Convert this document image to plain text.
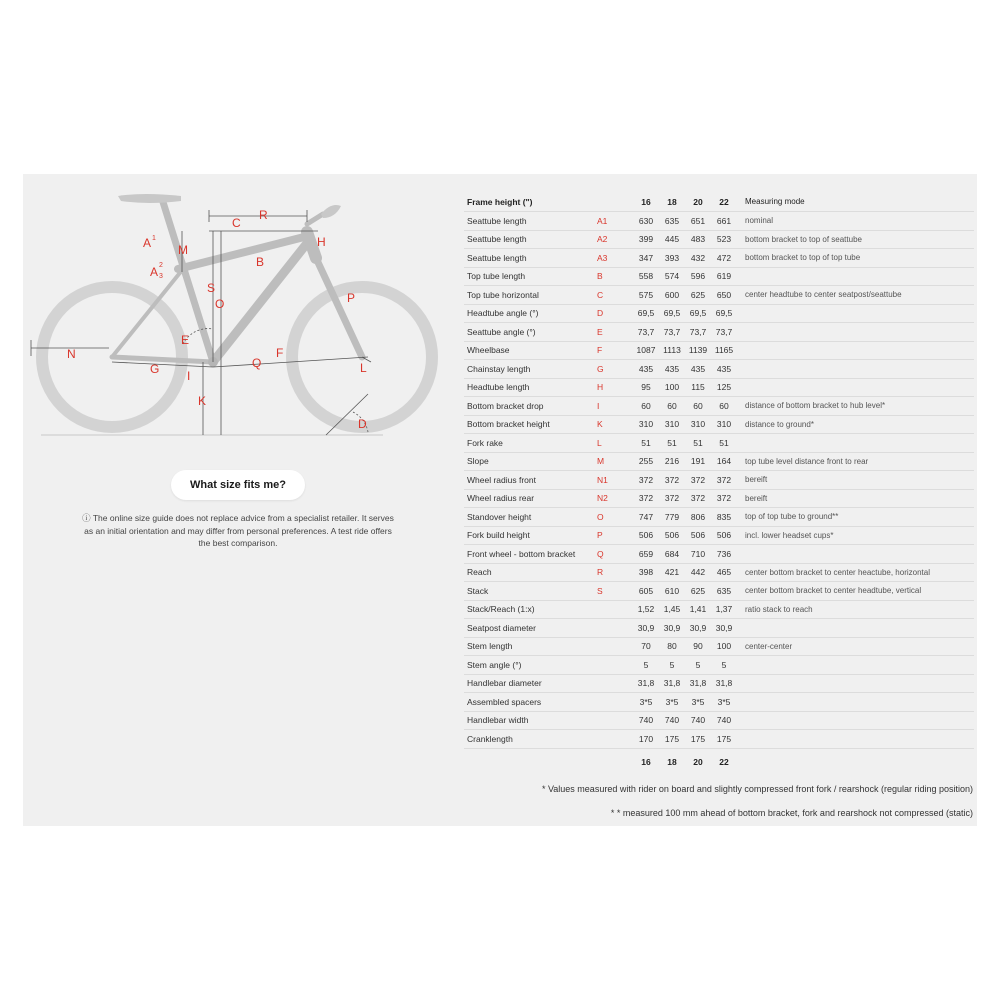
C
R
H
A 1
M
B
A 2
3
S
O	P
E
N	F
G I
Q	L
K
D
What size fits me?
ⓘ The online size guide does not replace advice from a specialist retailer. It serves as an initial orientation and may differ from personal preferences. A test ride offers the best comparison.
Frame height (")		16	18	20	22	Measuring mode
Seattube length	A1	630	635	651	661	nominal
Seattube length	A2	399	445	483	523	bottom bracket to top of seattube
Seattube length	A3	347	393	432	472	bottom bracket to top of top tube
Top tube length	B	558	574	596	619	
Top tube horizontal	C	575	600	625	650	center headtube to center seatpost/seattube
Headtube angle (°)	D	69,5	69,5	69,5	69,5	
Seattube angle (°)	E	73,7	73,7	73,7	73,7	
Wheelbase	F	1087	1113	1139	1165	
Chainstay length	G	435	435	435	435	
Headtube length	H	95	100	115	125	
Bottom bracket drop	I	60	60	60	60	distance of bottom bracket to hub level*
Bottom bracket height	K	310	310	310	310	distance to ground*
Fork rake	L	51	51	51	51	
Slope	M	255	216	191	164	top tube level distance front to rear
Wheel radius front	N1	372	372	372	372	bereift
Wheel radius rear	N2	372	372	372	372	bereift
Standover height	O	747	779	806	835	top of top tube to ground**
Fork build height	P	506	506	506	506	incl. lower headset cups*
Front wheel - bottom bracket	Q	659	684	710	736	
Reach	R	398	421	442	465	center bottom bracket to center heactube, horizontal
Stack	S	605	610	625	635	center bottom bracket to center headtube, vertical
Stack/Reach (1:x)		1,52	1,45	1,41	1,37	ratio stack to reach
Seatpost diameter		30,9	30,9	30,9	30,9	
Stem length		70	80	90	100	center-center
Stem angle (°)		5	5	5	5	
Handlebar diameter		31,8	31,8	31,8	31,8	
Assembled spacers		3*5	3*5	3*5	3*5	
Handlebar width		740	740	740	740	
Cranklength		170	175	175	175	
		16	18	20	22	
* Values measured with rider on board and slightly compressed front fork / rearshock (regular riding position)
* * measured 100 mm ahead of bottom bracket, fork and rearshock not compressed (static)
